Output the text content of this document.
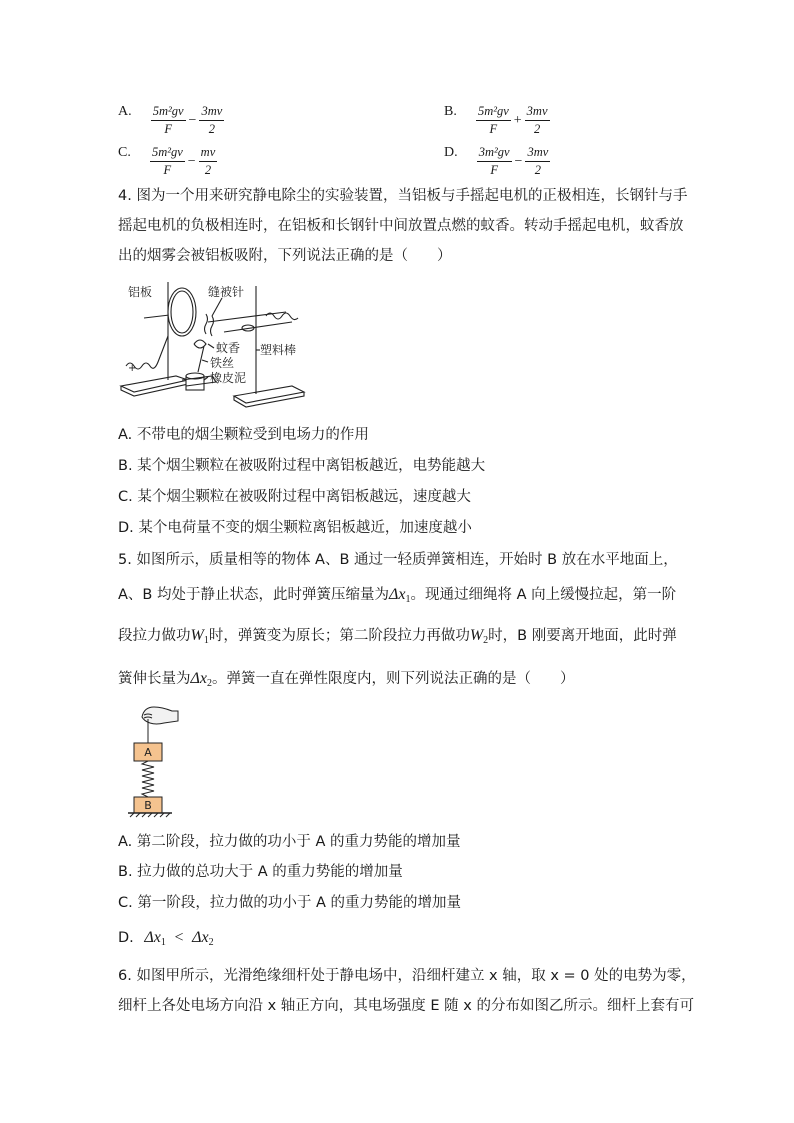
A. $\frac{\text{5m²gv}}{F} - \frac{3mv}{2}$	B. $\frac{\text{5m²gv}}{F} + \frac{3mv}{2}$
C. $\frac{\text{5m²gv}}{F} - \frac{mv}{2}$	D. $\frac{\text{3m²gv}}{F} - \frac{3mv}{2}$
4. 图为一个用来研究静电除尘的实验装置，当铝板与手摇起电机的正极相连，长钢针与手
摇起电机的负极相连时，在铝板和长钢针中间放置点燃的蚊香。转动手摇起电机，蚊香放
出的烟雾会被铝板吸附，下列说法正确的是（　　）
铝板	缝被针
蚊香
铁丝
橡皮泥
塑料棒
+
A. 不带电的烟尘颗粒受到电场力的作用
B. 某个烟尘颗粒在被吸附过程中离铝板越近，电势能越大
C. 某个烟尘颗粒在被吸附过程中离铝板越远，速度越大
D. 某个电荷量不变的烟尘颗粒离铝板越近，加速度越小
5. 如图所示，质量相等的物体 A、B 通过一轻质弹簧相连，开始时 B 放在水平地面上，
A、B 均处于静止状态，此时弹簧压缩量为$\Delta x_1$。现通过细绳将 A 向上缓慢拉起，第一阶
段拉力做功$W_1$时，弹簧变为原长；第二阶段拉力再做功$W_2$时，B 刚要离开地面，此时弹
簧伸长量为$\Delta x_2$。弹簧一直在弹性限度内，则下列说法正确的是（　　）
A
B
A. 第二阶段，拉力做的功小于 A 的重力势能的增加量
B. 拉力做的总功大于 A 的重力势能的增加量
C. 第一阶段，拉力做的功小于 A 的重力势能的增加量
D. $\Delta x_1 < \Delta x_2$
6. 如图甲所示，光滑绝缘细杆处于静电场中，沿细杆建立 x 轴，取 x = 0 处的电势为零，
细杆上各处电场方向沿 x 轴正方向，其电场强度 E 随 x 的分布如图乙所示。细杆上套有可
